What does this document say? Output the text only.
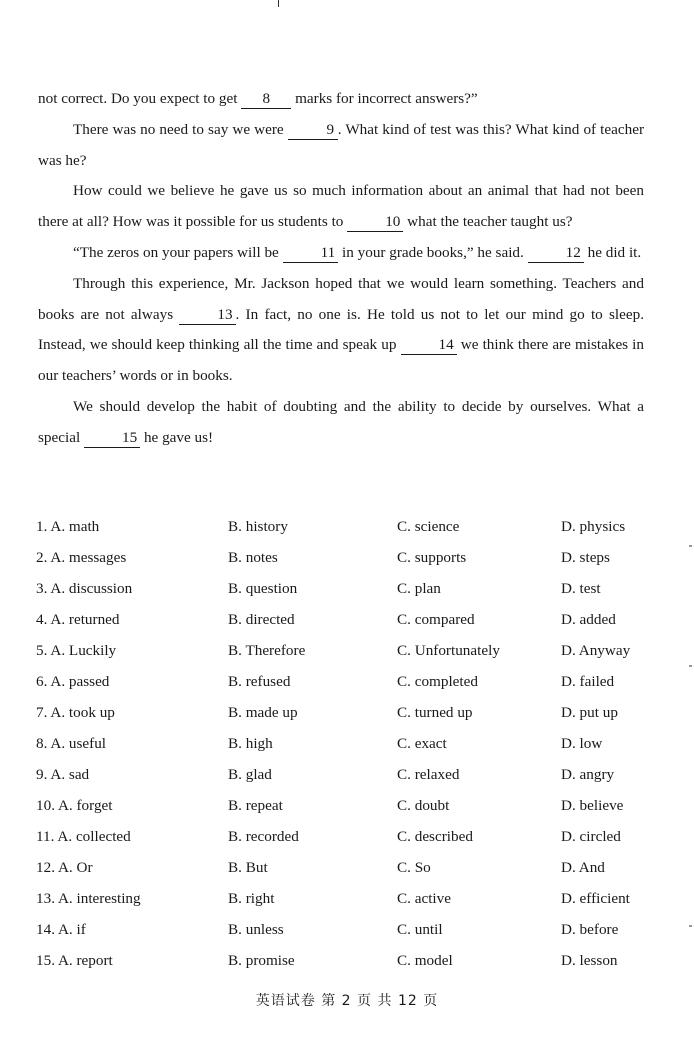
not correct. Do you expect to get 8 marks for incorrect answers?”

There was no need to say we were	9 . What kind of test was this? What kind of teacher was he?

How could we believe he gave us so much information about an animal that had not been there at all? How was it possible for us students to	10 what the teacher taught us?

“The zeros on your papers will be	11 in your grade books,” he said.	12 he did it.

Through this experience, Mr. Jackson hoped that we would learn something. Teachers and books are not always	13 . In fact, no one is. He told us not to let our mind go to sleep. Instead, we should keep thinking all the time and speak up	14 we think there are mistakes in our teachers’ words or in books.

We should develop the habit of doubting and the ability to decide by ourselves. What a special	15 he gave us!

1. A. math	B. history	C. science	D. physics
2. A. messages	B. notes	C. supports	D. steps
3. A. discussion	B. question	C. plan	D. test
4. A. returned	B. directed	C. compared	D. added
5. A. Luckily	B. Therefore	C. Unfortunately	D. Anyway
6. A. passed	B. refused	C. completed	D. failed
7. A. took up	B. made up	C. turned up	D. put up
8. A. useful	B. high	C. exact	D. low
9. A. sad	B. glad	C. relaxed	D. angry
10. A. forget	B. repeat	C. doubt	D. believe
11. A. collected	B. recorded	C. described	D. circled
12. A. Or	B. But	C. So	D. And
13. A. interesting	B. right	C. active	D. efficient
14. A. if	B. unless	C. until	D. before
15. A. report	B. promise	C. model	D. lesson
英语试卷 第 2 页 共 12 页
